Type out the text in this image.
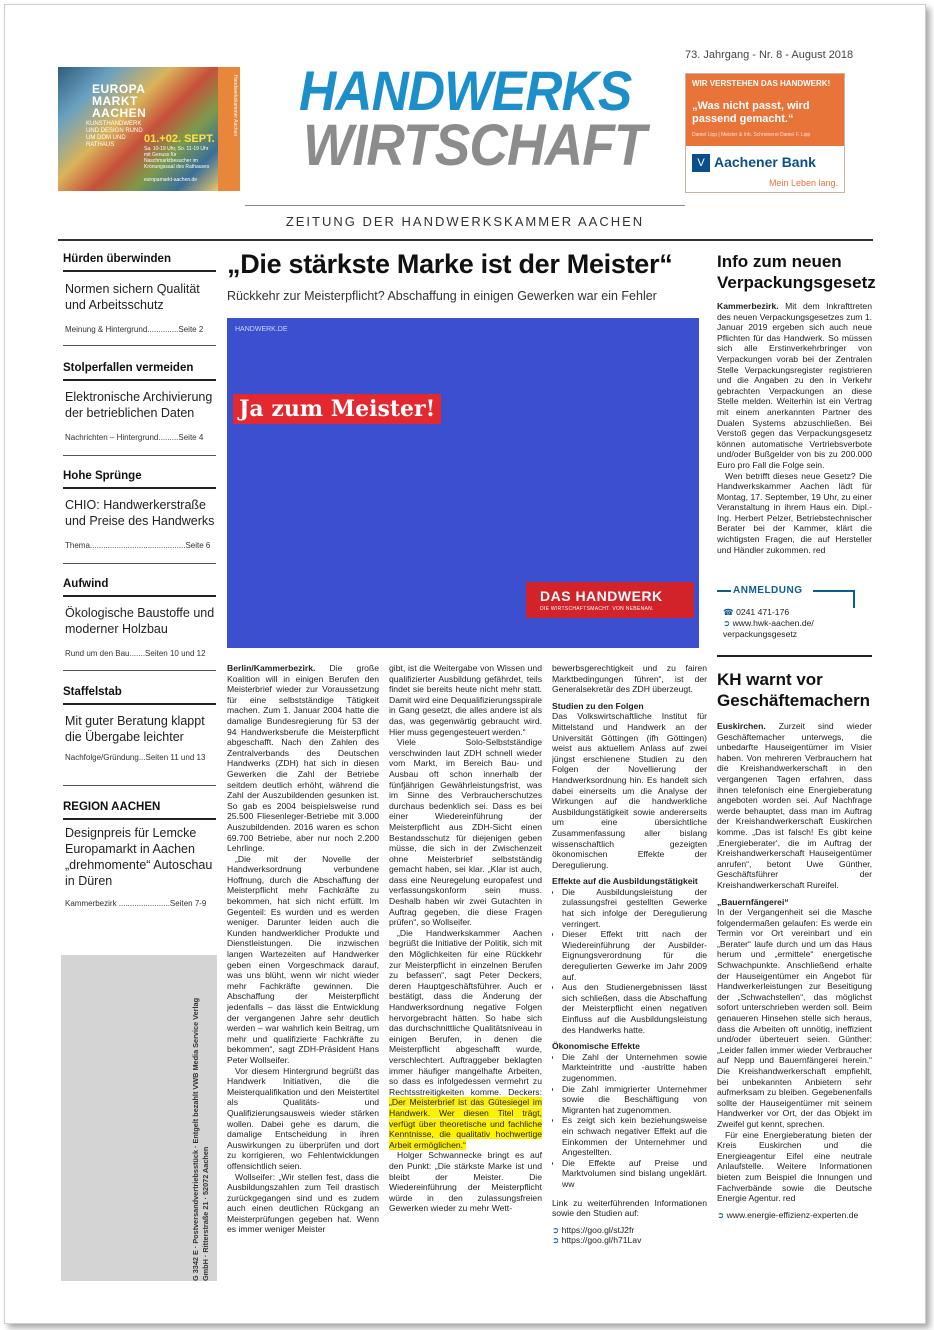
Handwerkskammer Aachen
EUROPA MARKT AACHEN
KUNSTHANDWERK UND DESIGN RUND UM DOM UND RATHAUS	01.+02. SEPT.
Sa. 10-19 Uhr, So. 11-19 Uhr
mit Genuss für Naschmarktbesucher im Krönungssaal des Rathauses
europamarkt-aachen.de
HANDWERKS
WIRTSCHAFT
73. Jahrgang - Nr. 8 - August 2018
WIR VERSTEHEN DAS HANDWERK!
„Was nicht passt, wird passend gemacht.“
Daniel Lipp | Meister & Inh. Schreinerei Daniel F. Lipp
V Aachener Bank
Mein Leben lang.
ZEITUNG DER HANDWERKSKAMMER AACHEN
Hürden überwinden
Normen sichern Qualität und Arbeitsschutz
Meinung & Hintergrund..............Seite 2
Stolperfallen vermeiden
Elektronische Archivierung der betrieblichen Daten
Nachrichten – Hintergrund.........Seite 4
Hohe Sprünge
CHIO: Handwerkerstraße und Preise des Handwerks
Thema...........................................Seite 6
Aufwind
Ökologische Baustoffe und moderner Holzbau
Rund um den Bau.......Seiten 10 und 12
Staffelstab
Mit guter Beratung klappt die Übergabe leichter
Nachfolge/Gründung...Seiten 11 und 13
REGION AACHEN
Designpreis für Lemcke Europamarkt in Aachen „drehmomente“ Autoschau in Düren
Kammerbezirk .......................Seiten 7-9
G 3342 E · Postversandvertriebsstück · Entgelt bezahlt VWB Media Service Verlag GmbH · Ritterstraße 21 · 52072 Aachen
„Die stärkste Marke ist der Meister“
Rückkehr zur Meisterpflicht? Abschaffung in einigen Gewerken war ein Fehler
HANDWERK.DE
Ja zum Meister!
DAS HANDWERK
DIE WIRTSCHAFTSMACHT. VON NEBENAN.

Berlin/Kammerbezirk. Die große Koalition will in einigen Berufen den Meisterbrief wieder zur Voraussetzung für eine selbstständige Tätigkeit machen. Zum 1. Januar 2004 hatte die damalige Bundesregierung für 53 der 94 Handwerksberufe die Meisterpflicht abgeschafft. Nach den Zahlen des Zentralverbands des Deutschen Handwerks (ZDH) hat sich in diesen Gewerken die Zahl der Betriebe seitdem deutlich erhöht, während die Zahl der Auszubildenden gesunken ist. So gab es 2004 beispielsweise rund 25.500 Fliesenleger-Betriebe mit 3.000 Auszubildenden. 2016 waren es schon 69.700 Betriebe, aber nur noch 2.200 Lehrlinge.

„Die mit der Novelle der Handwerksordnung verbundene Hoffnung, durch die Abschaffung der Meisterpflicht mehr Fachkräfte zu bekommen, hat sich nicht erfüllt. Im Gegenteil: Es wurden und es werden weniger. Darunter leiden auch die Kunden handwerklicher Produkte und Dienstleistungen. Die inzwischen langen Wartezeiten auf Handwerker geben einen Vorgeschmack darauf, was uns blüht, wenn wir nicht wieder mehr Fachkräfte gewinnen. Die Abschaffung der Meisterpflicht jedenfalls – das lässt die Entwicklung der vergangenen Jahre sehr deutlich werden – war wahrlich kein Beitrag, um mehr und qualifizierte Fachkräfte zu bekommen“, sagt ZDH-Präsident Hans Peter Wollseifer.

Vor diesem Hintergrund begrüßt das Handwerk Initiativen, die die Meisterqualifikation und den Meistertitel als Qualitäts- und Qualifizierungsausweis wieder stärken wollen. Dabei gehe es darum, die damalige Entscheidung in ihren Auswirkungen zu überprüfen und dort zu korrigieren, wo Fehlentwicklungen offensichtlich seien.

Wollseifer: „Wir stellen fest, dass die Ausbildungszahlen zum Teil drastisch zurückgegangen sind und es zudem auch einen deutlichen Rückgang an Meisterprüfungen gegeben hat. Wenn es immer weniger Meister

gibt, ist die Weitergabe von Wissen und qualifizierter Ausbildung gefährdet, teils findet sie bereits heute nicht mehr statt. Damit wird eine Dequalifizierungsspirale in Gang gesetzt, die alles andere ist als das, was gegenwärtig gebraucht wird. Hier muss gegengesteuert werden.“

Viele Solo-Selbstständige verschwinden laut ZDH schnell wieder vom Markt, im Bereich Bau- und Ausbau oft schon innerhalb der fünfjährigen Gewährleistungsfrist, was im Sinne des Verbraucherschutzes durchaus bedenklich sei. Dass es bei einer Wiedereinführung der Meisterpflicht aus ZDH-Sicht einen Bestandsschutz für diejenigen geben müsse, die sich in der Zwischenzeit ohne Meisterbrief selbstständig gemacht haben, sei klar. „Klar ist auch, dass eine Neuregelung europafest und verfassungskonform sein muss. Deshalb haben wir zwei Gutachten in Auftrag gegeben, die diese Fragen prüfen“, so Wollseifer.

„Die Handwerkskammer Aachen begrüßt die Initiative der Politik, sich mit den Möglichkeiten für eine Rückkehr zur Meisterpflicht in einzelnen Berufen zu befassen“, sagt Peter Deckers, deren Hauptgeschäftsführer. Auch er bestätigt, dass die Änderung der Handwerksordnung negative Folgen hervorgebracht hätten. So habe sich das durchschnittliche Qualitätsniveau in einigen Berufen, in denen die Meisterpflicht abgeschafft wurde, verschlechtert. Auftraggeber beklagten immer häufiger mangelhafte Arbeiten, so dass es infolgedessen vermehrt zu Rechtsstreitigkeiten komme. Deckers: „Der Meisterbrief ist das Gütesiegel im Handwerk. Wer diesen Titel trägt, verfügt über theoretische und fachliche Kenntnisse, die qualitativ hochwertige Arbeit ermöglichen.“

Holger Schwannecke bringt es auf den Punkt: „Die stärkste Marke ist und bleibt der Meister. Die Wiedereinführung der Meisterpflicht würde in den zulassungsfreien Gewerken wieder zu mehr Wett-

bewerbsgerechtigkeit und zu fairen Marktbedingungen führen“, ist der Generalsekretär des ZDH überzeugt.

Studien zu den Folgen

Das Volkswirtschaftliche Institut für Mittelstand und Handwerk an der Universität Göttingen (ifh Göttingen) weist aus aktuellem Anlass auf zwei jüngst erschienene Studien zu den Folgen der Novellierung der Handwerksordnung hin. Es handelt sich dabei einerseits um die Analyse der Wirkungen auf die handwerkliche Ausbildungstätigkeit sowie andererseits um eine übersichtliche Zusammenfassung aller bislang wissenschaftlich gezeigten ökonomischen Effekte der Deregulierung.

Effekte auf die Ausbildungstätigkeit

• Die Ausbildungsleistung der zulassungsfrei gestellten Gewerke hat sich infolge der Deregulierung verringert.
• Dieser Effekt tritt nach der Wiedereinführung der Ausbilder-Eignungsverordnung für die deregulierten Gewerke im Jahr 2009 auf.
• Aus den Studienergebnissen lässt sich schließen, dass die Abschaffung der Meisterpflicht einen negativen Einfluss auf die Ausbildungsleistung des Handwerks hatte.

Ökonomische Effekte

• Die Zahl der Unternehmen sowie Markteintritte und -austritte haben zugenommen.
• Die Zahl immigrierter Unternehmer sowie die Beschäftigung von Migranten hat zugenommen.
• Es zeigt sich kein beziehungsweise ein schwach negativer Effekt auf die Einkommen der Unternehmer und Angestellten.
• Die Effekte auf Preise und Marktvolumen sind bislang ungeklärt. ww

Link zu weiterführenden Informationen sowie den Studien auf:

➲ https://goo.gl/stJ2fr

➲ https://goo.gl/h71Lav

Info zum neuen Verpackungsgesetz

Kammerbezirk. Mit dem Inkrafttreten des neuen Verpackungsgesetzes zum 1. Januar 2019 ergeben sich auch neue Pflichten für das Handwerk. So müssen sich alle Erstinverkehrbringer von Verpackungen vorab bei der Zentralen Stelle Verpackungsregister registrieren und die Angaben zu den in Verkehr gebrachten Verpackungen an diese Stelle melden. Weiterhin ist ein Vertrag mit einem anerkannten Partner des Dualen Systems abzuschließen. Bei Verstoß gegen das Verpackungsgesetz können automatische Vertriebsverbote und/oder Bußgelder von bis zu 200.000 Euro pro Fall die Folge sein.

Wen betrifft dieses neue Gesetz? Die Handwerkskammer Aachen lädt für Montag, 17. September, 19 Uhr, zu einer Veranstaltung in ihrem Haus ein. Dipl.-Ing. Herbert Pelzer, Betriebstechnischer Berater bei der Kammer, klärt die wichtigsten Fragen, die auf Hersteller und Händler zukommen. red

ANMELDUNG
☎ 0241 471-176
➲ www.hwk-aachen.de/ verpackungsgesetz
KH warnt vor Geschäftemachern

Euskirchen. Zurzeit sind wieder Geschäftemacher unterwegs, die unbedarfte Hauseigentümer im Visier haben. Von mehreren Verbrauchern hat die Kreishandwerkerschaft in den vergangenen Tagen erfahren, dass ihnen telefonisch eine Energieberatung angeboten worden sei. Auf Nachfrage werde behauptet, dass man im Auftrag der Kreishandwerkerschaft Euskirchen komme. „Das ist falsch! Es gibt keine ‚Energieberater‘, die im Auftrag der Kreishandwerkerschaft Hauseigentümer anrufen“, betont Uwe Günther, Geschäftsführer der Kreishandwerkerschaft Rureifel.

„Bauernfängerei“

In der Vergangenheit sei die Masche folgendermaßen gelaufen: Es werde ein Termin vor Ort vereinbart und ein „Berater“ laufe durch und um das Haus herum und „ermittele“ energetische Schwachpunkte. Anschließend erhalte der Hauseigentümer ein Angebot für Handwerkerleistungen zur Beseitigung der „Schwachstellen“, das möglichst sofort unterschrieben werden soll. Beim genaueren Hinsehen stelle sich heraus, dass die Arbeiten oft unnötig, ineffizient und/oder überteuert seien. Günther: „Leider fallen immer wieder Verbraucher auf Nepp und Bauernfängerei herein.“ Die Kreishandwerkerschaft empfiehlt, bei unbekannten Anbietern sehr aufmerksam zu bleiben. Gegebenenfalls sollte der Hauseigentümer mit seinem Handwerker vor Ort, der das Objekt im Zweifel gut kennt, sprechen.

Für eine Energieberatung bieten der Kreis Euskirchen und die Energieagentur Eifel eine neutrale Anlaufstelle. Weitere Informationen bieten zum Beispiel die Innungen und Fachverbände sowie die Deutsche Energie Agentur. red

➲ www.energie-effizienz-experten.de
